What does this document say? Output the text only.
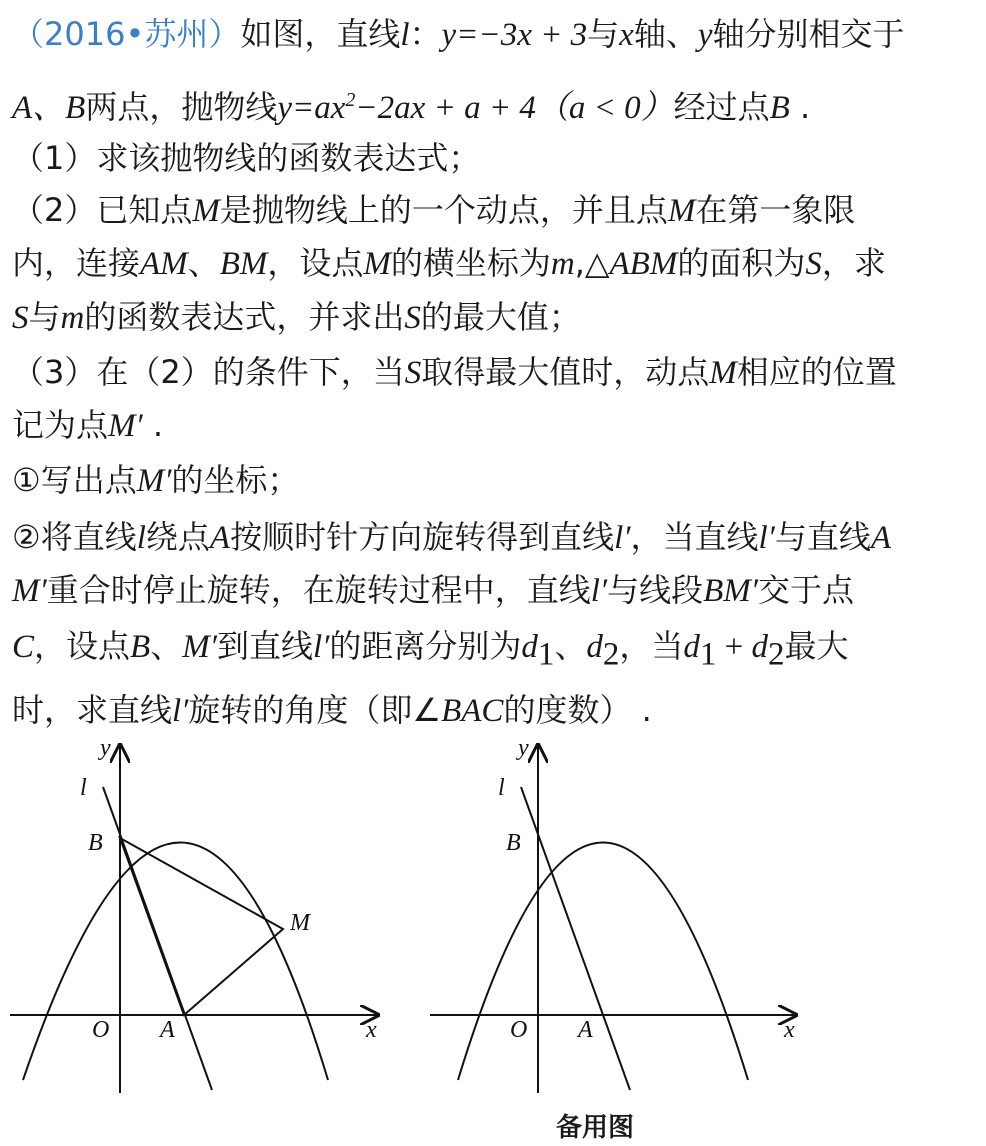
（2016•苏州）如图，直线l：y=−3x + 3与x轴、y轴分别相交于
A、B两点，抛物线$y=ax^2-2ax + a + 4(a < 0)$经过点B .
（1）求该抛物线的函数表达式；
（2）已知点M是抛物线上的一个动点，并且点M在第一象限
内，连接AM、BM，设点M的横坐标为m,△ABM的面积为S，求
S与m的函数表达式，并求出S的最大值；
（3）在（2）的条件下，当S取得最大值时，动点M相应的位置
记为点M′ .
①写出点M′的坐标；
②将直线l绕点A按顺时针方向旋转得到直线l′，当直线l′与直线A
M′重合时停止旋转，在旋转过程中，直线l′与线段BM′交于点
C，设点B、M′到直线l′的距离分别为$d_1$、$d_2$，当$d_1 + d_2$最大
时，求直线l′旋转的角度（即∠BAC的度数） .
y
l
B
M
O A	x
y
l
B
O A	x
备用图
